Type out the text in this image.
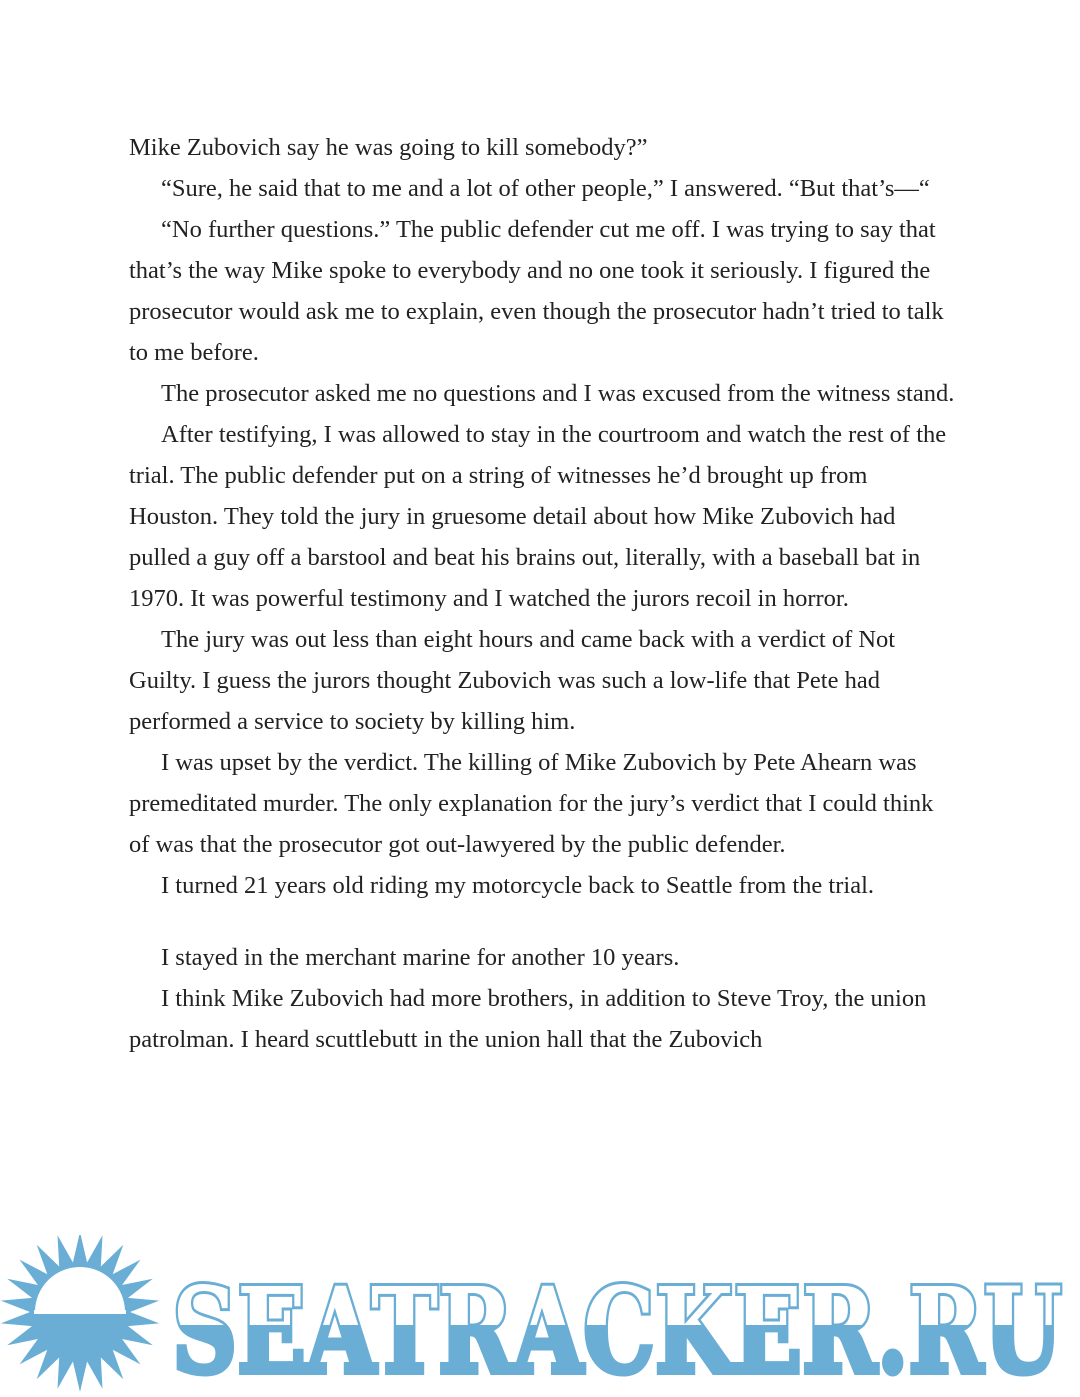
Mike Zubovich say he was going to kill somebody?”

“Sure, he said that to me and a lot of other people,” I answered. “But that’s—“

“No further questions.” The public defender cut me off. I was trying to say that that’s the way Mike spoke to everybody and no one took it seriously. I figured the prosecutor would ask me to explain, even though the prosecutor hadn’t tried to talk to me before.

The prosecutor asked me no questions and I was excused from the witness stand.

After testifying, I was allowed to stay in the courtroom and watch the rest of the trial. The public defender put on a string of witnesses he’d brought up from Houston. They told the jury in gruesome detail about how Mike Zubovich had pulled a guy off a barstool and beat his brains out, literally, with a baseball bat in 1970. It was powerful testimony and I watched the jurors recoil in horror.

The jury was out less than eight hours and came back with a verdict of Not Guilty. I guess the jurors thought Zubovich was such a low-life that Pete had performed a service to society by killing him.

I was upset by the verdict. The killing of Mike Zubovich by Pete Ahearn was premeditated murder. The only explanation for the jury’s verdict that I could think of was that the prosecutor got out-lawyered by the public defender.

I turned 21 years old riding my motorcycle back to Seattle from the trial.

I stayed in the merchant marine for another 10 years.

I think Mike Zubovich had more brothers, in addition to Steve Troy, the union patrolman. I heard scuttlebutt in the union hall that the Zubovich

SEATRACKER.RU
